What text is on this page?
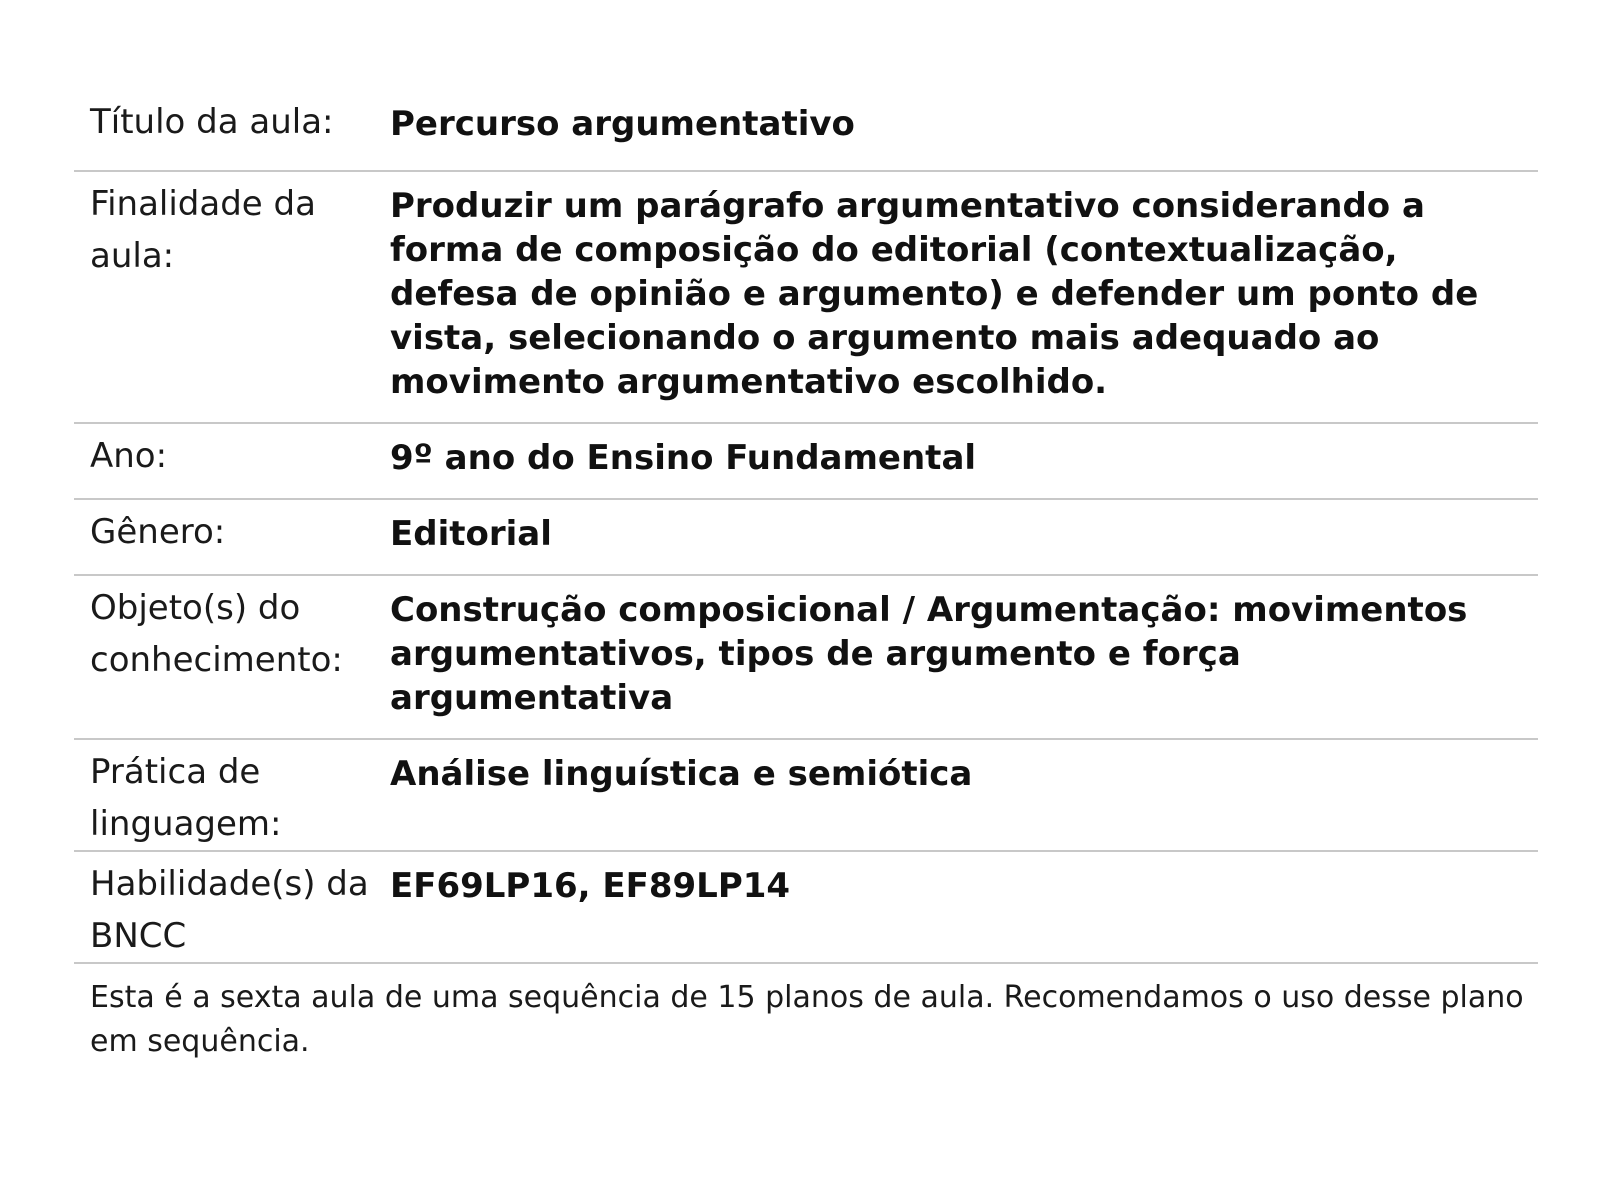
Título da aula:	Percurso argumentativo
Finalidade da aula:	Produzir um parágrafo argumentativo considerando a forma de composição do editorial (contextualização, defesa de opinião e argumento) e defender um ponto de vista, selecionando o argumento mais adequado ao movimento argumentativo escolhido.
Ano:	9º ano do Ensino Fundamental
Gênero:	Editorial
Objeto(s) do conhecimento:	Construção composicional / Argumentação: movimentos argumentativos, tipos de argumento e força argumentativa
Prática de linguagem:	Análise linguística e semiótica
Habilidade(s) da BNCC	EF69LP16, EF89LP14
Esta é a sexta aula de uma sequência de 15 planos de aula. Recomendamos o uso desse plano em sequência.
